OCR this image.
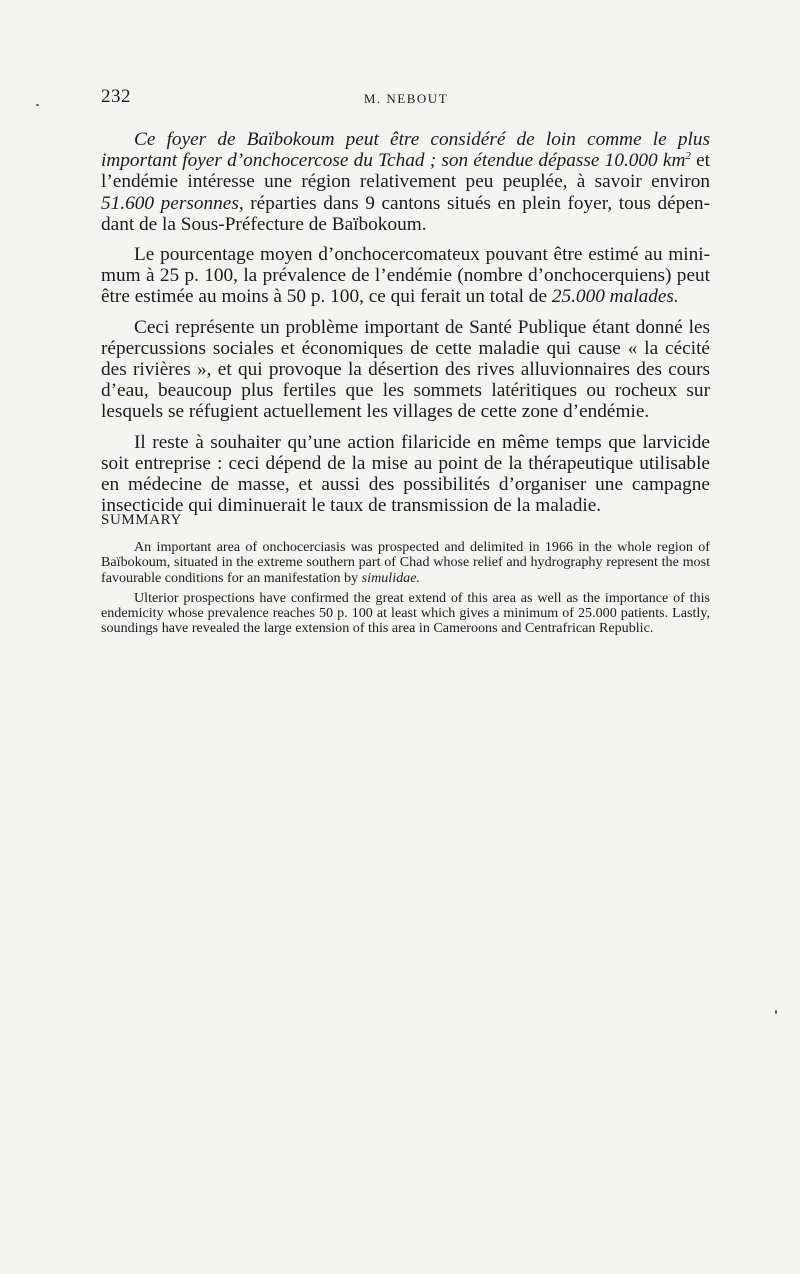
232	M. NEBOUT

Ce foyer de Baïbokoum peut être considéré de loin comme le plus important foyer d’onchocercose du Tchad ; son étendue dépasse 10.000 $km^2$ et l’endémie intéresse une région relativement peu peuplée, à savoir environ 51.600 personnes, réparties dans 9 cantons situés en plein foyer, tous dépen-dant de la Sous-Préfecture de Baïbokoum.

Le pourcentage moyen d’onchocercomateux pouvant être estimé au mini-mum à 25 p. 100, la prévalence de l’endémie (nombre d’onchocerquiens) peut être estimée au moins à 50 p. 100, ce qui ferait un total de 25.000 malades.

Ceci représente un problème important de Santé Publique étant donné les répercussions sociales et économiques de cette maladie qui cause « la cécité des rivières », et qui provoque la désertion des rives alluvionnaires des cours d’eau, beaucoup plus fertiles que les sommets latéritiques ou rocheux sur lesquels se réfugient actuellement les villages de cette zone d’endémie.

Il reste à souhaiter qu’une action filaricide en même temps que larvicide soit entreprise : ceci dépend de la mise au point de la thérapeutique utilisable en médecine de masse, et aussi des possibilités d’organiser une campagne insecticide qui diminuerait le taux de transmission de la maladie.

SUMMARY

An important area of onchocerciasis was prospected and delimited in 1966 in the whole region of Baïbokoum, situated in the extreme southern part of Chad whose relief and hydrography represent the most favourable conditions for an manifestation by simulidae.

Ulterior prospections have confirmed the great extend of this area as well as the importance of this endemicity whose prevalence reaches 50 p. 100 at least which gives a minimum of 25.000 patients. Lastly, soundings have revealed the large extension of this area in Cameroons and Centrafrican Republic.
